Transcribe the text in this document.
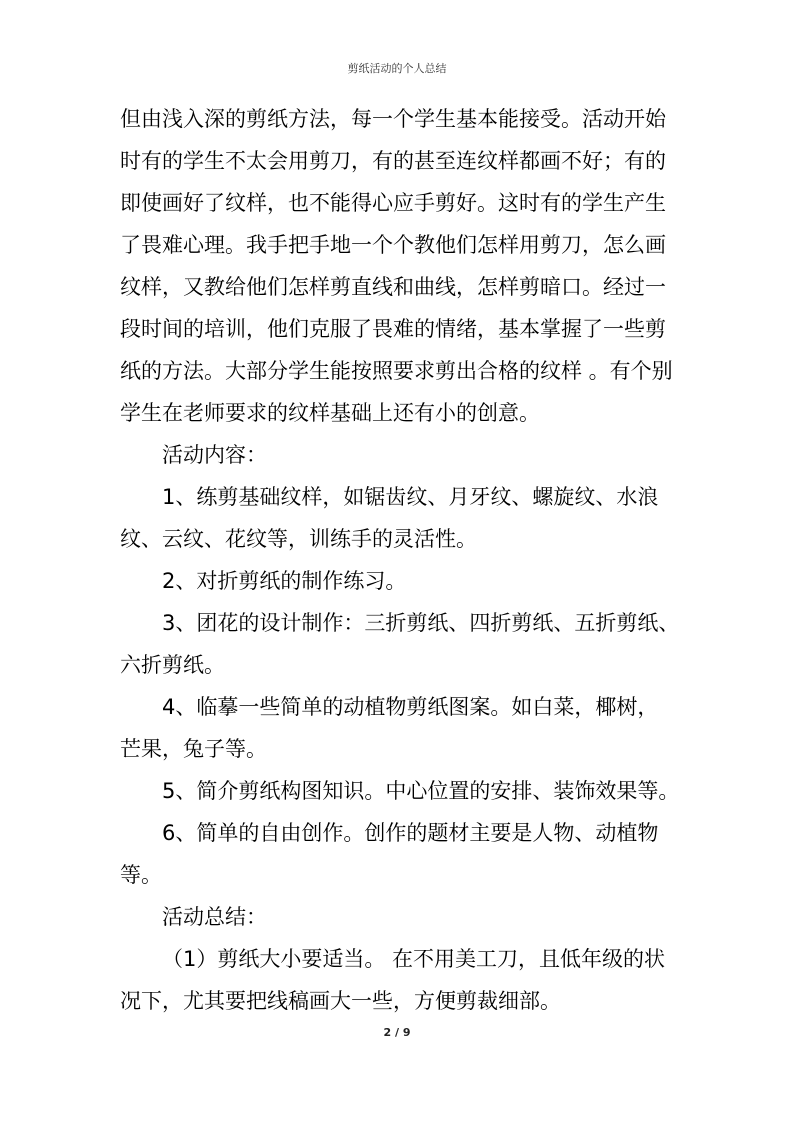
剪纸活动的个人总结
但由浅入深的剪纸方法，每一个学生基本能接受。活动开始
时有的学生不太会用剪刀，有的甚至连纹样都画不好；有的
即使画好了纹样，也不能得心应手剪好。这时有的学生产生
了畏难心理。我手把手地一个个教他们怎样用剪刀，怎么画
纹样，又教给他们怎样剪直线和曲线，怎样剪暗口。经过一
段时间的培训，他们克服了畏难的情绪，基本掌握了一些剪
纸的方法。大部分学生能按照要求剪出合格的纹样 。有个别
学生在老师要求的纹样基础上还有小的创意。
活动内容：
1、练剪基础纹样，如锯齿纹、月牙纹、螺旋纹、水浪
纹、云纹、花纹等，训练手的灵活性。
2、对折剪纸的制作练习。
3、团花的设计制作：三折剪纸、四折剪纸、五折剪纸、
六折剪纸。
4、临摹一些简单的动植物剪纸图案。如白菜，椰树，
芒果，兔子等。
5、简介剪纸构图知识。中心位置的安排、装饰效果等。
6、简单的自由创作。创作的题材主要是人物、动植物
等。
活动总结：
（1）剪纸大小要适当。 在不用美工刀，且低年级的状
况下，尤其要把线稿画大一些，方便剪裁细部。
2 / 9
